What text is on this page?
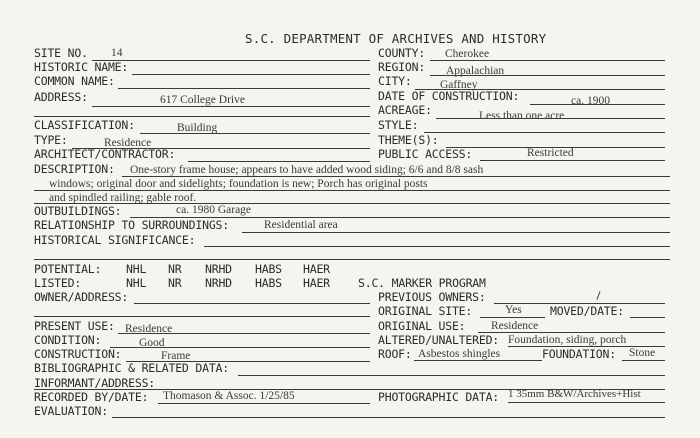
S.C. DEPARTMENT OF ARCHIVES AND HISTORY
SITE NO. 14
HISTORIC NAME:
COMMON NAME:
ADDRESS:	617 College Drive
CLASSIFICATION:	Building
TYPE:	Residence
ARCHITECT/CONTRACTOR:
COUNTY: Cherokee
REGION: Appalachian
CITY: Gaffney
DATE OF CONSTRUCTION:	ca. 1900
ACREAGE:	Less than one acre
STYLE:
THEME(S):
PUBLIC ACCESS:	Restricted
DESCRIPTION: One-story frame house; appears to have added wood siding; 6/6 and 8/8 sash
windows; original door and sidelights; foundation is new; Porch has original posts
and spindled railing; gable roof.
OUTBUILDINGS:	ca. 1980 Garage
RELATIONSHIP TO SURROUNDINGS:	Residential area
HISTORICAL SIGNIFICANCE:
POTENTIAL: NHL NR NRHD HABS HAER
LISTED:	NHL NR NRHD HABS HAER S.C. MARKER PROGRAM
OWNER/ADDRESS:	PREVIOUS OWNERS:
ORIGINAL SITE:	Yes MOVED/DATE:
PRESENT USE: Residence	ORIGINAL USE: Residence
CONDITION:	Good	ALTERED/UNALTERED: Foundation, siding, porch
CONSTRUCTION:	Frame	ROOF: Asbestos shingles	FOUNDATION: Stone
BIBLIOGRAPHIC & RELATED DATA:
INFORMANT/ADDRESS:
RECORDED BY/DATE: Thomason & Assoc. 1/25/85	PHOTOGRAPHIC DATA: 1 35mm B&W/Archives+Hist
EVALUATION:
